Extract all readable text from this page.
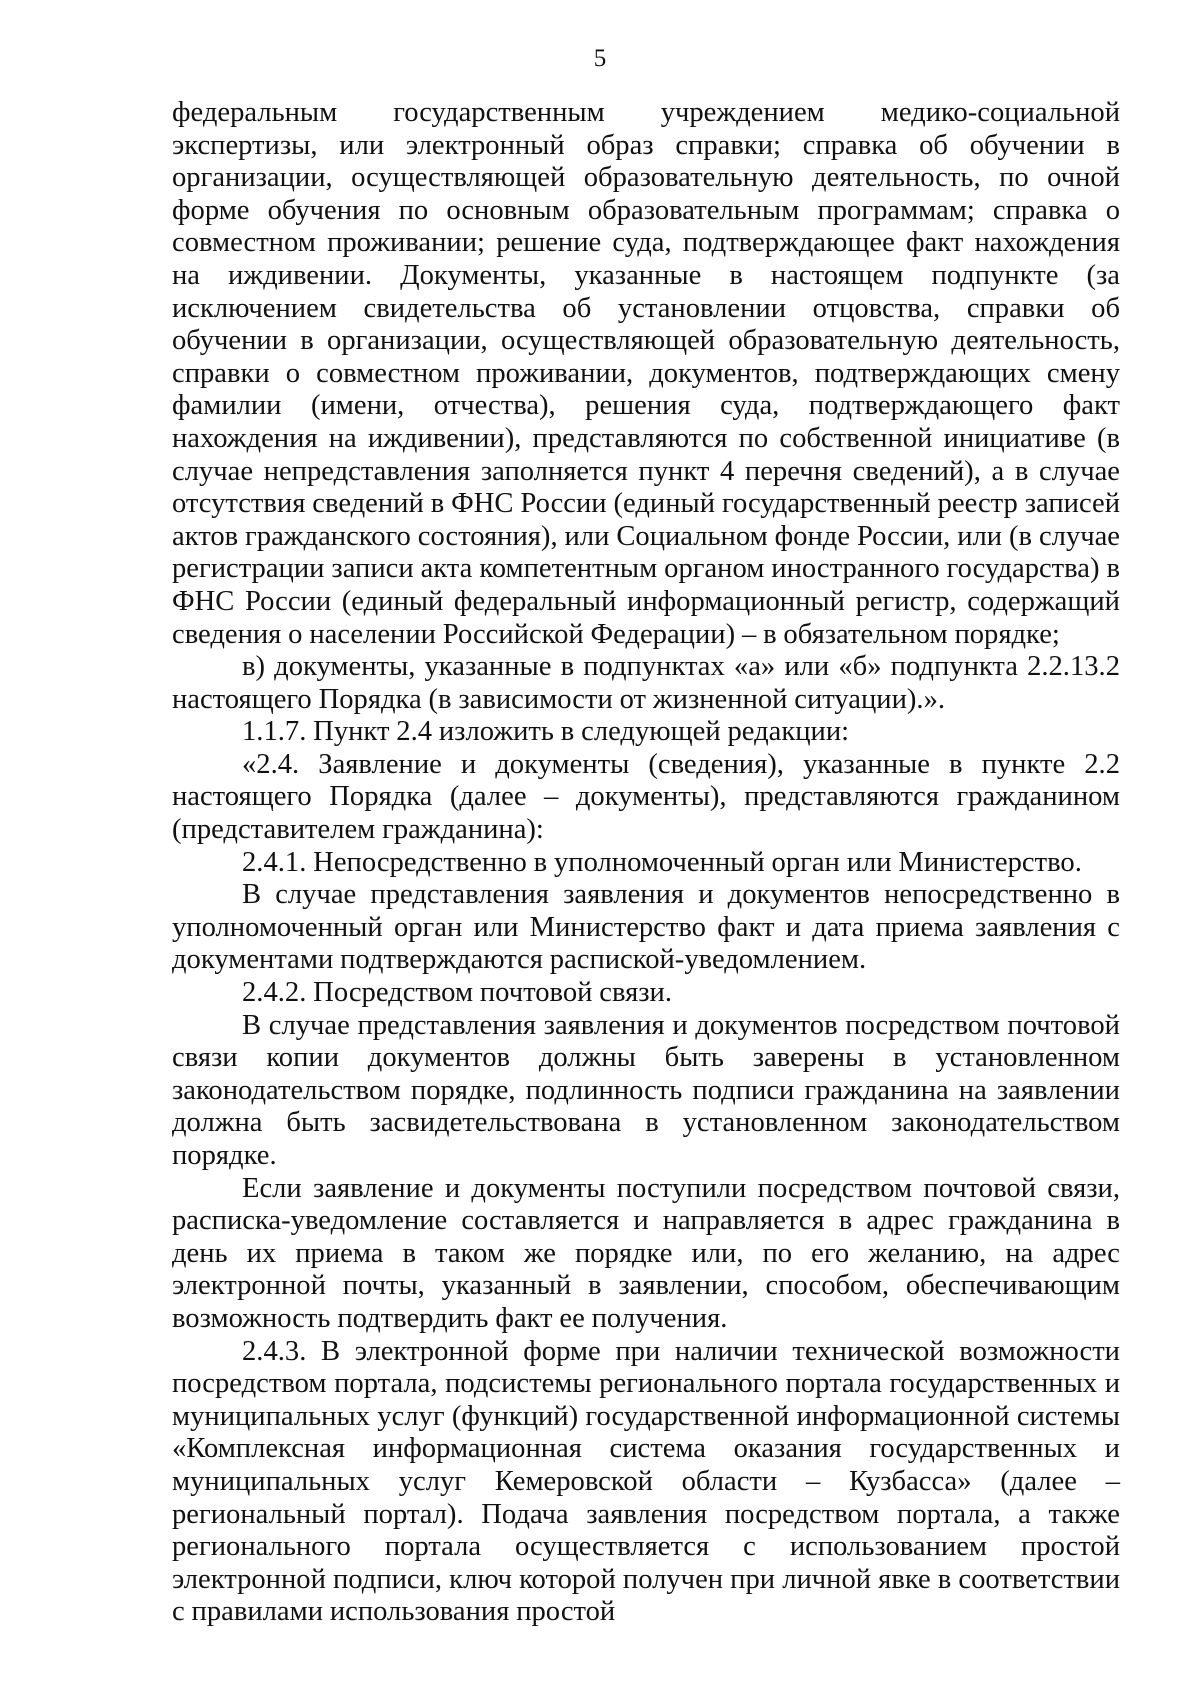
5

федеральным государственным учреждением медико-социальной экспертизы, или электронный образ справки; справка об обучении в организации, осуществляющей образовательную деятельность, по очной форме обучения по основным образовательным программам; справка о совместном проживании; решение суда, подтверждающее факт нахождения на иждивении. Документы, указанные в настоящем подпункте (за исключением свидетельства об установлении отцовства, справки об обучении в организации, осуществляющей образовательную деятельность, справки о совместном проживании, документов, подтверждающих смену фамилии (имени, отчества), решения суда, подтверждающего факт нахождения на иждивении), представляются по собственной инициативе (в случае непредставления заполняется пункт 4 перечня сведений), а в случае отсутствия сведений в ФНС России (единый государственный реестр записей актов гражданского состояния), или Социальном фонде России, или (в случае регистрации записи акта компетентным органом иностранного государства) в ФНС России (единый федеральный информационный регистр, содержащий сведения о населении Российской Федерации) – в обязательном порядке;

в) документы, указанные в подпунктах «а» или «б» подпункта 2.2.13.2 настоящего Порядка (в зависимости от жизненной ситуации).».

1.1.7. Пункт 2.4 изложить в следующей редакции:

«2.4. Заявление и документы (сведения), указанные в пункте 2.2 настоящего Порядка (далее – документы), представляются гражданином (представителем гражданина):

2.4.1. Непосредственно в уполномоченный орган или Министерство.

В случае представления заявления и документов непосредственно в уполномоченный орган или Министерство факт и дата приема заявления с документами подтверждаются распиской-уведомлением.

2.4.2. Посредством почтовой связи.

В случае представления заявления и документов посредством почтовой связи копии документов должны быть заверены в установленном законодательством порядке, подлинность подписи гражданина на заявлении должна быть засвидетельствована в установленном законодательством порядке.

Если заявление и документы поступили посредством почтовой связи, расписка-уведомление составляется и направляется в адрес гражданина в день их приема в таком же порядке или, по его желанию, на адрес электронной почты, указанный в заявлении, способом, обеспечивающим возможность подтвердить факт ее получения.

2.4.3. В электронной форме при наличии технической возможности посредством портала, подсистемы регионального портала государственных и муниципальных услуг (функций) государственной информационной системы «Комплексная информационная система оказания государственных и муниципальных услуг Кемеровской области – Кузбасса» (далее – региональный портал). Подача заявления посредством портала, а также регионального портала осуществляется с использованием простой электронной подписи, ключ которой получен при личной явке в соответствии с правилами использования простой
